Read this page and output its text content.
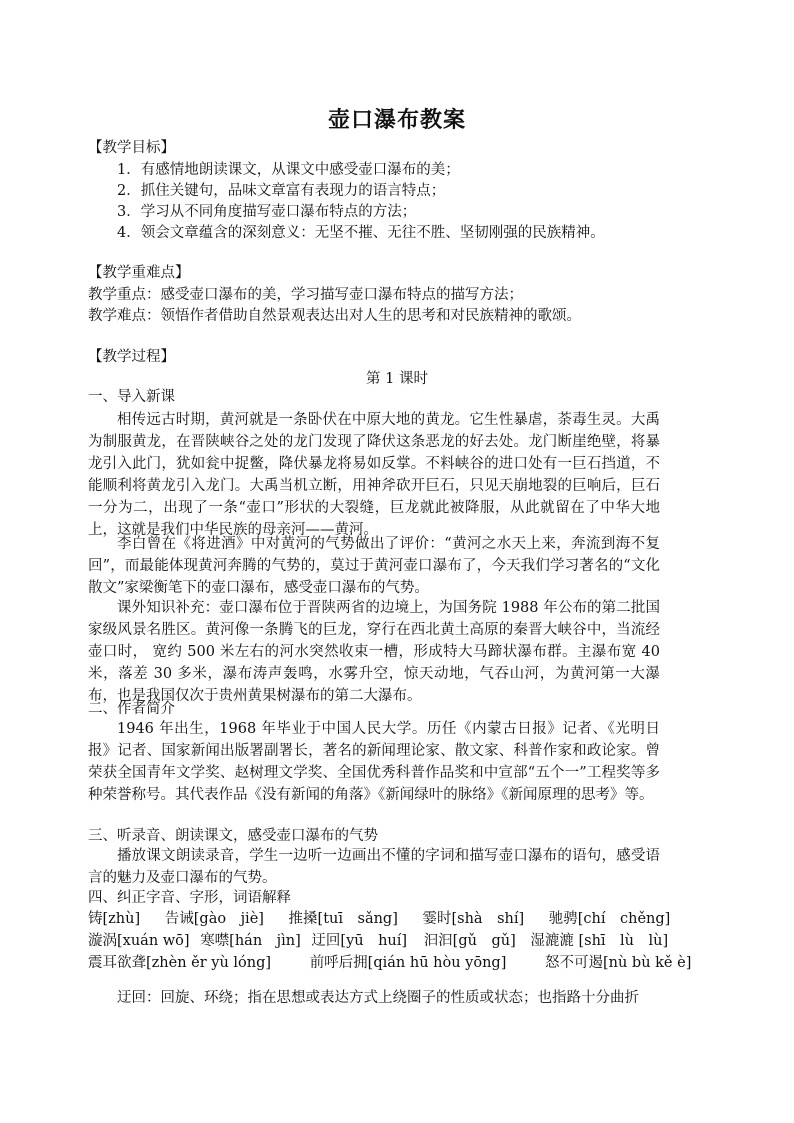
壶口瀑布教案
【教学目标】
1．有感情地朗读课文，从课文中感受壶口瀑布的美；
2．抓住关键句，品味文章富有表现力的语言特点；
3．学习从不同角度描写壶口瀑布特点的方法；
4．领会文章蕴含的深刻意义：无坚不摧、无往不胜、坚韧刚强的民族精神。
【教学重难点】
教学重点：感受壶口瀑布的美，学习描写壶口瀑布特点的描写方法；
教学难点：领悟作者借助自然景观表达出对人生的思考和对民族精神的歌颂。
【教学过程】
第 1 课时
一、导入新课
相传远古时期，黄河就是一条卧伏在中原大地的黄龙。它生性暴虐，荼毒生灵。大禹为制服黄龙，在晋陕峡谷之处的龙门发现了降伏这条恶龙的好去处。龙门断崖绝壁，将暴龙引入此门，犹如瓮中捉鳖，降伏暴龙将易如反掌。不料峡谷的进口处有一巨石挡道，不能顺利将黄龙引入龙门。大禹当机立断，用神斧砍开巨石，只见天崩地裂的巨响后，巨石一分为二，出现了一条“壶口”形状的大裂缝，巨龙就此被降服，从此就留在了中华大地上，这就是我们中华民族的母亲河——黄河。
李白曾在《将进酒》中对黄河的气势做出了评价：“黄河之水天上来，奔流到海不复回”，而最能体现黄河奔腾的气势的，莫过于黄河壶口瀑布了，今天我们学习著名的“文化散文”家梁衡笔下的壶口瀑布，感受壶口瀑布的气势。
课外知识补充：壶口瀑布位于晋陕两省的边境上，为国务院 1988 年公布的第二批国家级风景名胜区。黄河像一条腾飞的巨龙，穿行在西北黄土高原的秦晋大峡谷中，当流经壶口时， 宽约 500 米左右的河水突然收束一槽，形成特大马蹄状瀑布群。主瀑布宽 40 米，落差 30 多米，瀑布涛声轰鸣，水雾升空，惊天动地，气吞山河，为黄河第一大瀑布，也是我国仅次于贵州黄果树瀑布的第二大瀑布。
二、作者简介
1946 年出生，1968 年毕业于中国人民大学。历任《内蒙古日报》记者、《光明日报》记者、国家新闻出版署副署长，著名的新闻理论家、散文家、科普作家和政论家。曾荣获全国青年文学奖、赵树理文学奖、全国优秀科普作品奖和中宣部“五个一”工程奖等多种荣誉称号。其代表作品《没有新闻的角落》《新闻绿叶的脉络》《新闻原理的思考》等。
三、听录音、朗读课文，感受壶口瀑布的气势
播放课文朗读录音，学生一边听一边画出不懂的字词和描写壶口瀑布的语句，感受语言的魅力及壶口瀑布的气势。
四、纠正字音、字形，词语解释
铸[zhù] 告诫[gào　jiè] 推搡[tuī　sǎng] 霎时[shà　shí] 驰骋[chí　chěng]
漩涡[xuán wō] 寒噤[hán　jìn] 迂回[yū　huí] 汩汩[gǔ　gǔ] 湿漉漉 [shī　lù　lù]
震耳欲聋[zhèn ěr yù lóng]	前呼后拥[qián hū hòu yōng]	怒不可遏[nù bù kě è]
迂回：回旋、环绕；指在思想或表达方式上绕圈子的性质或状态；也指路十分曲折
